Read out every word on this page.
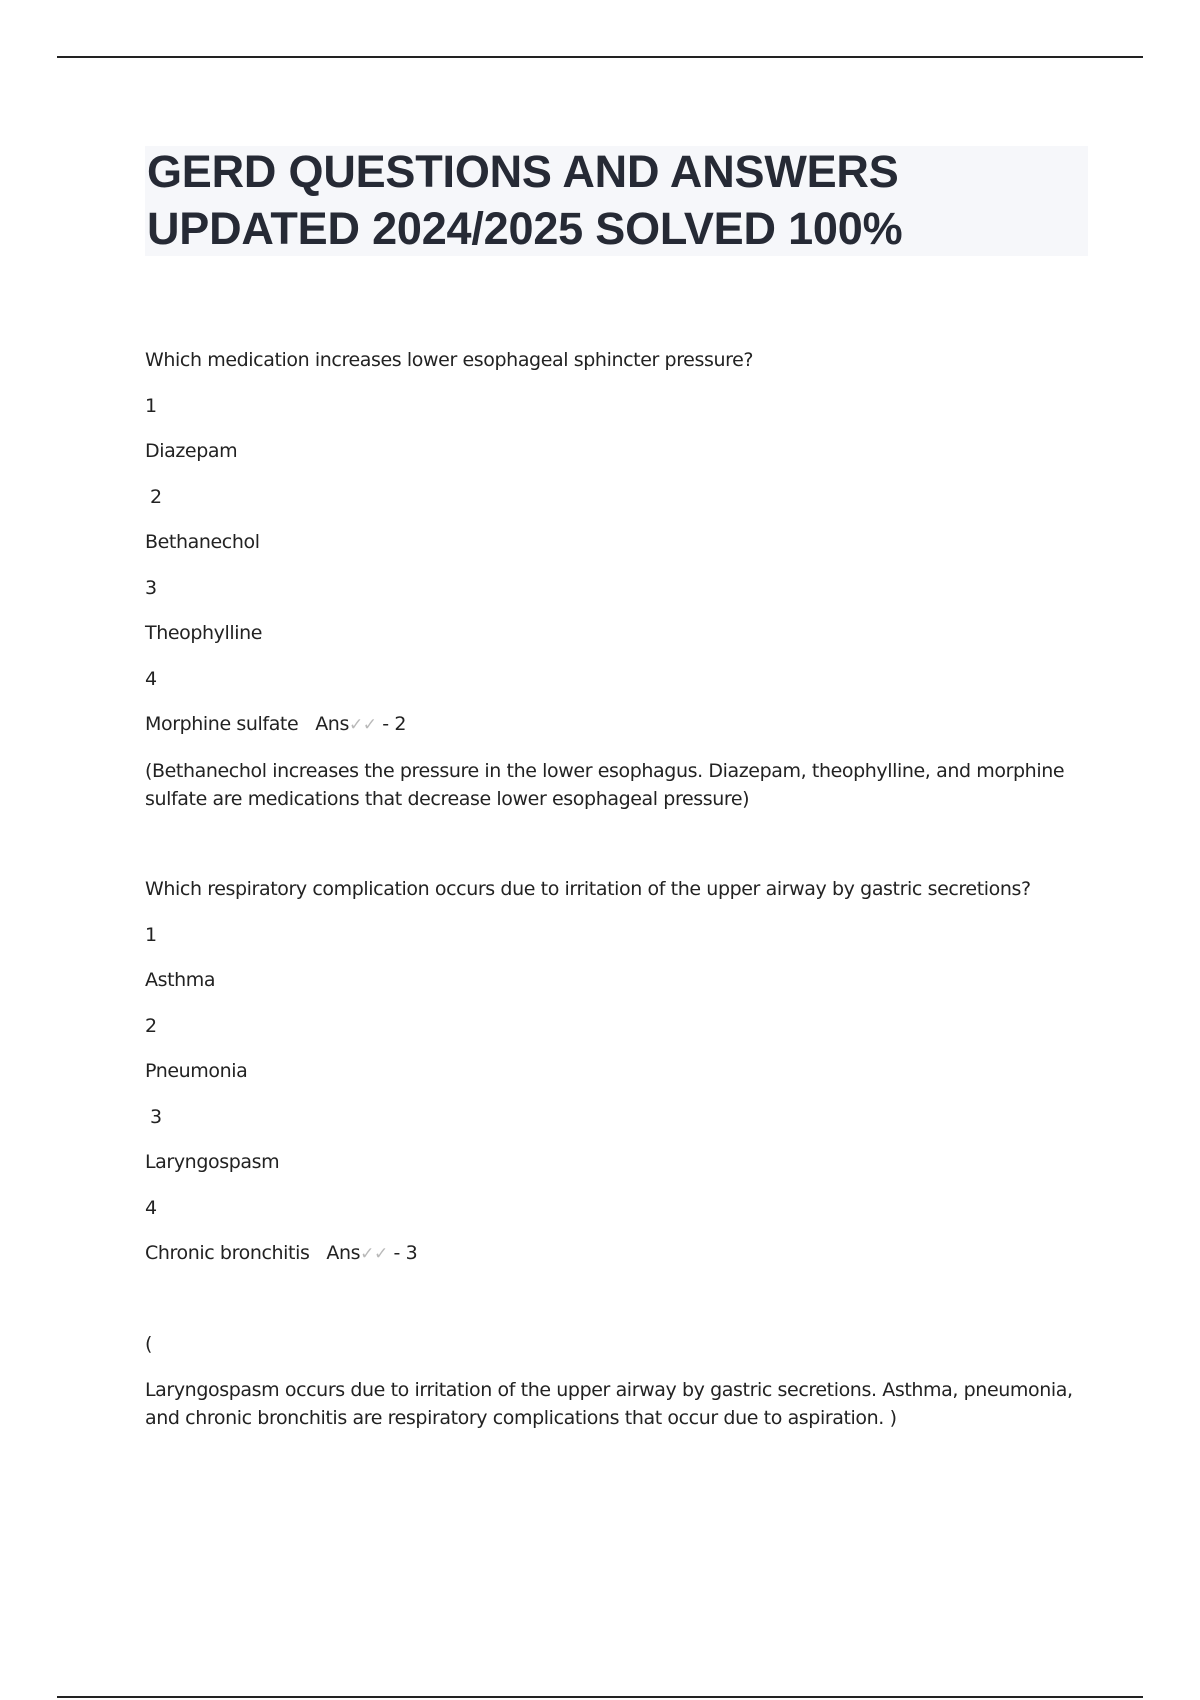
GERD QUESTIONS AND ANSWERS
UPDATED 2024/2025 SOLVED 100%
Which medication increases lower esophageal sphincter pressure?
1
Diazepam
2
Bethanechol
3
Theophylline
4
Morphine sulfate Ans✓✓ - 2
(Bethanechol increases the pressure in the lower esophagus. Diazepam, theophylline, and morphine
sulfate are medications that decrease lower esophageal pressure)
Which respiratory complication occurs due to irritation of the upper airway by gastric secretions?
1
Asthma
2
Pneumonia
3
Laryngospasm
4
Chronic bronchitis Ans✓✓ - 3
(
Laryngospasm occurs due to irritation of the upper airway by gastric secretions. Asthma, pneumonia,
and chronic bronchitis are respiratory complications that occur due to aspiration. )
